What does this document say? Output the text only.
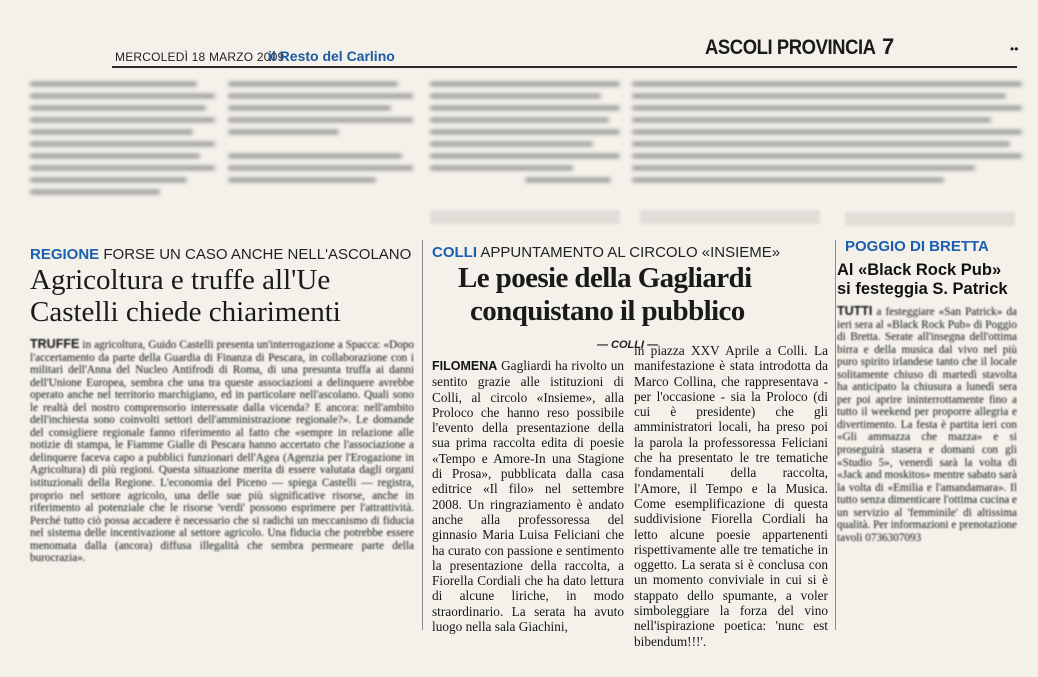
MERCOLEDÌ 18 MARZO 2009
il Resto del Carlino	ASCOLI PROVINCIA 7	••
REGIONE FORSE UN CASO ANCHE NELL'ASCOLANO
Agricoltura e truffe all'Ue
Castelli chiede chiarimenti
TRUFFE in agricoltura, Guido Castelli presenta un'interrogazione a Spacca: «Dopo l'accertamento da parte della Guardia di Finanza di Pescara, in collaborazione con i militari dell'Anna del Nucleo Antifrodi di Roma, di una presunta truffa ai danni dell'Unione Europea, sembra che una tra queste associazioni a delinquere avrebbe operato anche nel territorio marchigiano, ed in particolare nell'ascolano. Quali sono le realtà del nostro comprensorio interessate dalla vicenda? E ancora: nell'ambito dell'inchiesta sono coinvolti settori dell'amministrazione regionale?». Le domande del consigliere regionale fanno riferimento al fatto che «sempre in relazione alle notizie di stampa, le Fiamme Gialle di Pescara hanno accertato che l'associazione a delinquere faceva capo a pubblici funzionari dell'Agea (Agenzia per l'Erogazione in Agricoltura) di più regioni. Questa situazione merita di essere valutata dagli organi istituzionali della Regione. L'economia del Piceno — spiega Castelli — registra, proprio nel settore agricolo, una delle sue più significative risorse, anche in riferimento al potenziale che le risorse 'verdi' possono esprimere per l'attrattività. Perché tutto ciò possa accadere è necessario che si radichi un meccanismo di fiducia nel sistema delle incentivazione al settore agricolo. Una fiducia che potrebbe essere menomata dalla (ancora) diffusa illegalità che sembra permeare parte della burocrazia».
COLLI APPUNTAMENTO AL CIRCOLO «INSIEME»
Le poesie della Gagliardi
conquistano il pubblico
— COLLI —
FILOMENA Gagliardi ha rivolto un sentito grazie alle istituzioni di Colli, al circolo «Insieme», alla Proloco che hanno reso possibile l'evento della presentazione della sua prima raccolta edita di poesie «Tempo e Amore-In una Stagione di Prosa», pubblicata dalla casa editrice «Il filo» nel settembre 2008. Un ringraziamento è andato anche alla professoressa del ginnasio Maria Luisa Feliciani che ha curato con passione e sentimento la presentazione della raccolta, a Fiorella Cordiali che ha dato lettura di alcune liriche, in modo straordinario. La serata ha avuto luogo nella sala Giachini,
in piazza XXV Aprile a Colli. La manifestazione è stata introdotta da Marco Collina, che rappresentava - per l'occasione - sia la Proloco (di cui è presidente) che gli amministratori locali, ha preso poi la parola la professoressa Feliciani che ha presentato le tre tematiche fondamentali della raccolta, l'Amore, il Tempo e la Musica. Come esemplificazione di questa suddivisione Fiorella Cordiali ha letto alcune poesie appartenenti rispettivamente alle tre tematiche in oggetto. La serata si è conclusa con un momento conviviale in cui si è stappato dello spumante, a voler simboleggiare la forza del vino nell'ispirazione poetica: 'nunc est bibendum!!!'.
POGGIO DI BRETTA
Al «Black Rock Pub»
si festeggia S. Patrick
TUTTI a festeggiare «San Patrick» da ieri sera al «Black Rock Pub» di Poggio di Bretta. Serate all'insegna dell'ottima birra e della musica dal vivo nel più puro spirito irlandese tanto che il locale solitamente chiuso di martedì stavolta ha anticipato la chiusura a lunedì sera per poi aprire ininterrottamente fino a tutto il weekend per proporre allegria e divertimento. La festa è partita ieri con «Gli ammazza che mazza» e si proseguirà stasera e domani con gli «Studio 5», venerdì sarà la volta di «Jack and moskitos» mentre sabato sarà la volta di «Emilia e l'amandamara». Il tutto senza dimenticare l'ottima cucina e un servizio al 'femminile' di altissima qualità. Per informazioni e prenotazione tavoli 0736307093
